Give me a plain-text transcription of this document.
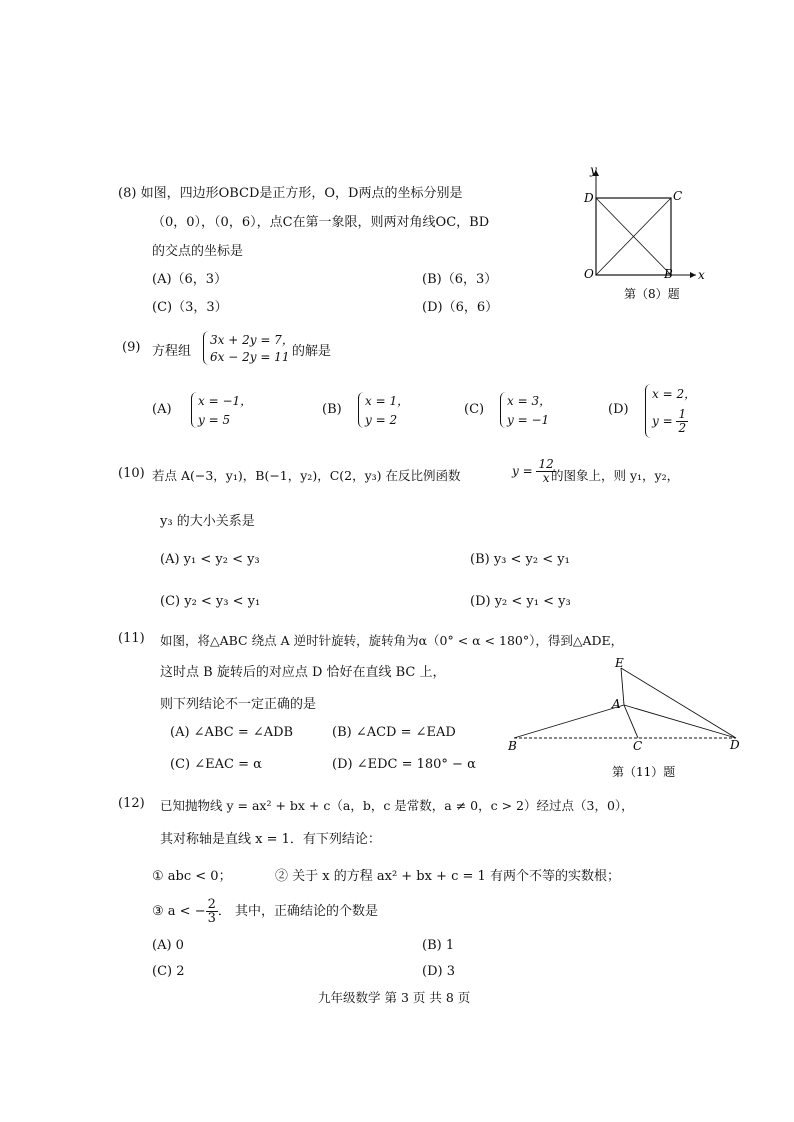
(8) 如图，四边形OBCD是正方形，O，D两点的坐标分别是
（0，0），（0，6），点C在第一象限，则两对角线OC，BD
的交点的坐标是
(A)（6，3）	(B)（6，3）
(C)（3，3）	(D)（6，6）
y
x
D	C
O	B
第（8）题
(9) 方程组
3x + 2y = 7，
6x − 2y = 11 的解是
(A)
x = −1，
y = 5
(B)
x = 1，
y = 2
(C)
x = 3，
y = −1
(D)
x = 2，
$y = \frac{1}{2}$
(10) 若点 A(−3，y₁)，B(−1，y₂)，C(2，y₃) 在反比例函数	$y = \frac{12}{x}$
的图象上，则 y₁，y₂，
y₃ 的大小关系是
(A) y₁ < y₂ < y₃	(B) y₃ < y₂ < y₁
(C) y₂ < y₃ < y₁	(D) y₂ < y₁ < y₃
(11) 如图，将△ABC 绕点 A 逆时针旋转，旋转角为α（0° < α < 180°），得到△ADE，
这时点 B 旋转后的对应点 D 恰好在直线 BC 上，
则下列结论不一定正确的是
(A) ∠ABC = ∠ADB	(B) ∠ACD = ∠EAD
(C) ∠EAC = α	(D) ∠EDC = 180° − α
E
A
B	C	D
第（11）题
(12) 已知抛物线 y = ax² + bx + c（a，b，c 是常数，a ≠ 0，c > 2）经过点（3，0），
其对称轴是直线 x = 1．有下列结论：
① abc < 0；	② 关于 x 的方程 ax² + bx + c = 1 有两个不等的实数根；
③ a < − $\frac{2}{3}$ ． 其中，正确结论的个数是
(A) 0	(B) 1
(C) 2	(D) 3
九年级数学 第 3 页 共 8 页
